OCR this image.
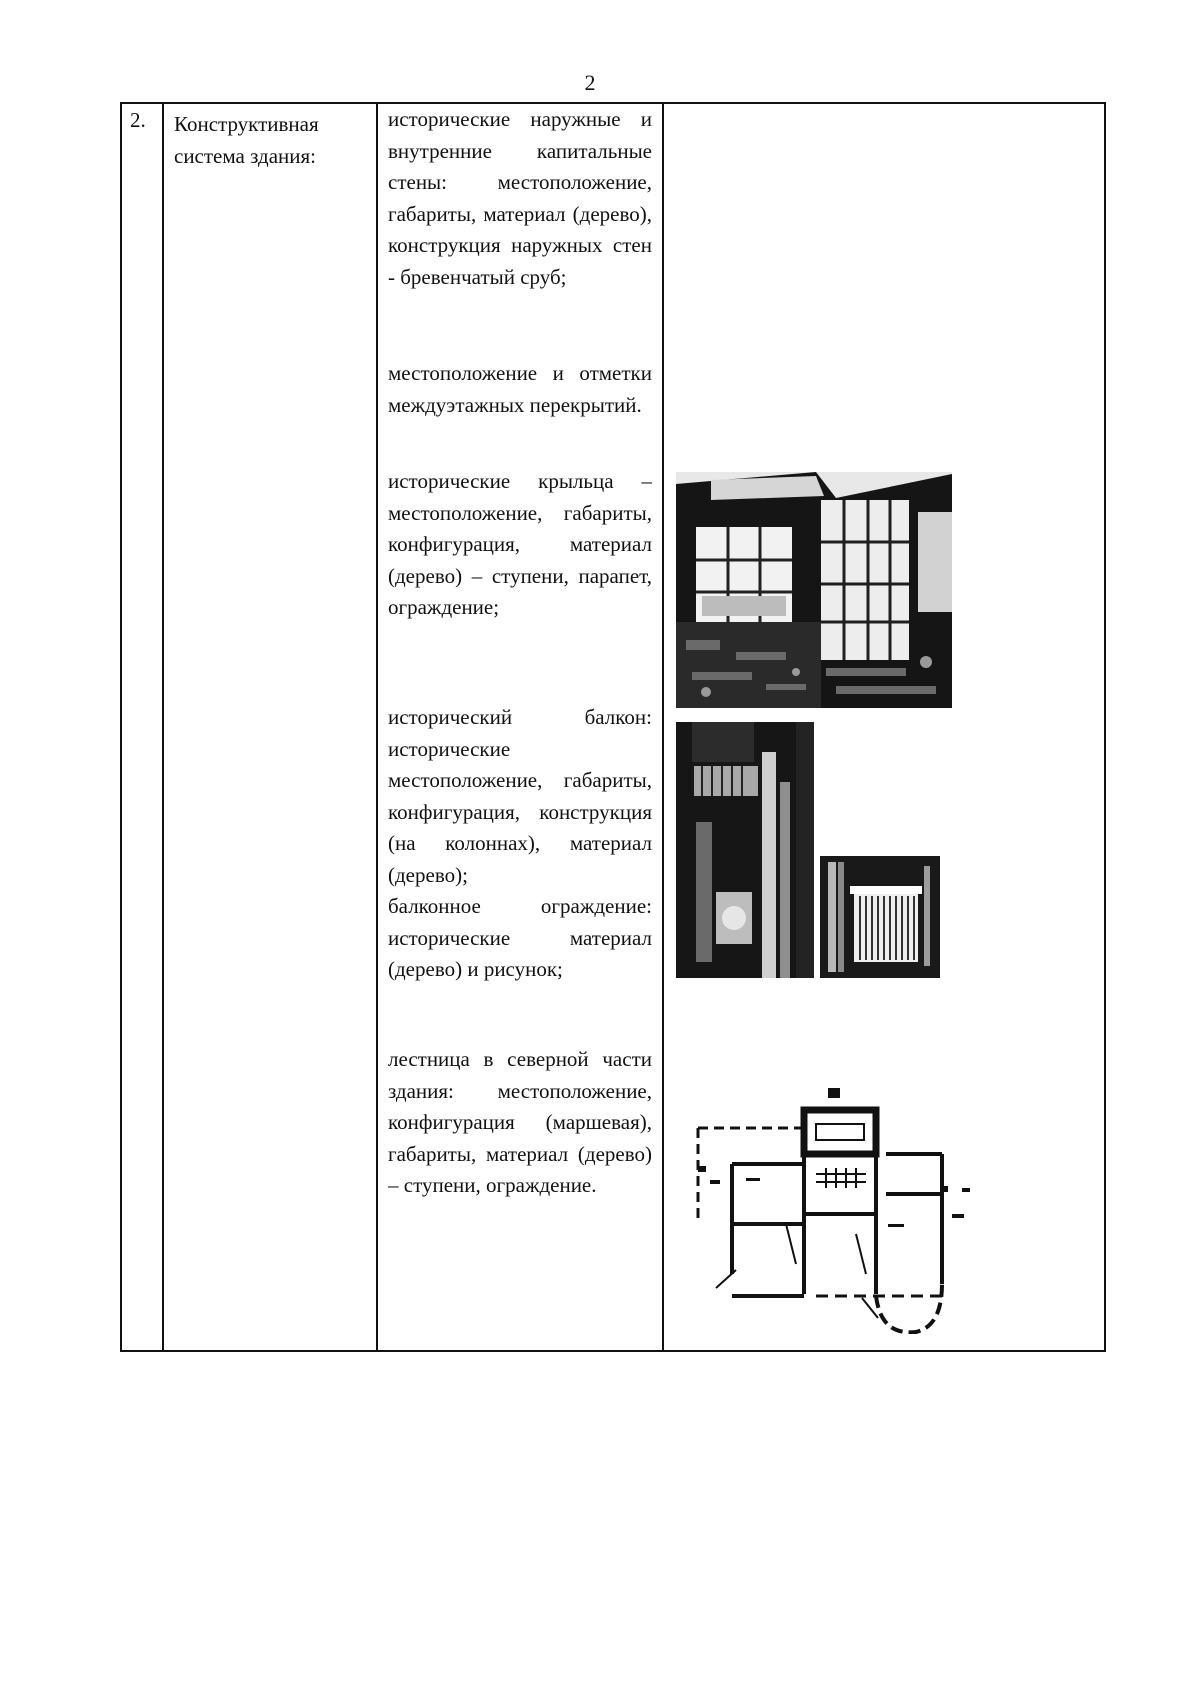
2
2. Конструктивная система здания:

исторические наружные и внутренние капитальные стены: местоположение, габариты, материал (дерево), конструкция наружных стен - бревенчатый сруб;

местоположение и отметки междуэтажных перекрытий.

исторические крыльца – местоположение, габариты, конфигурация, материал (дерево) – ступени, парапет, ограждение;

исторический балкон: исторические местоположение, габариты, конфигурация, конструкция (на колоннах), материал (дерево);

балконное ограждение: исторические материал (дерево) и рисунок;

лестница в северной части здания: местоположение, конфигурация (маршевая), габариты, материал (дерево) – ступени, ограждение.
